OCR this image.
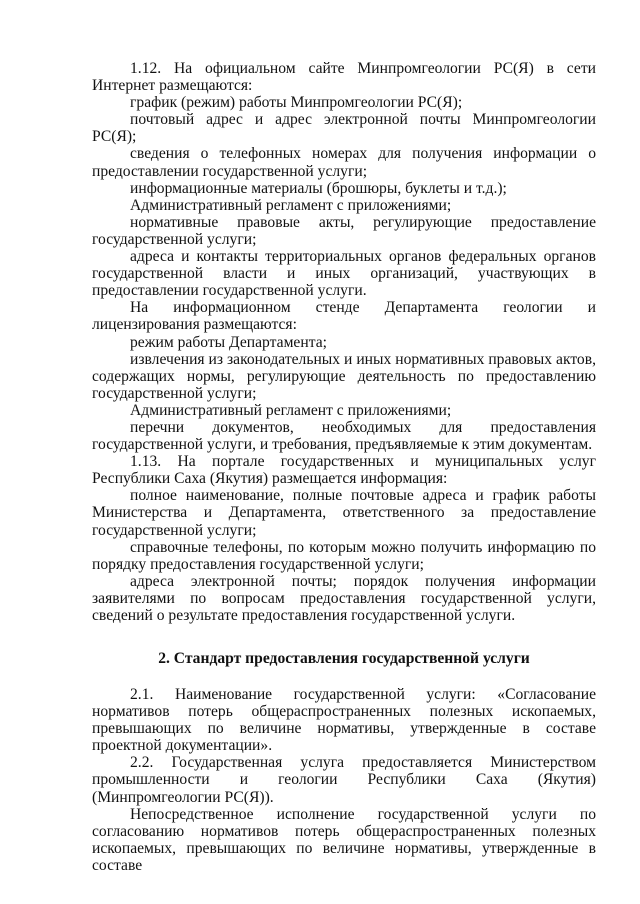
1.12. На официальном сайте Минпромгеологии РС(Я) в сети Интернет размещаются:

график (режим) работы Минпромгеологии РС(Я);

почтовый адрес и адрес электронной почты Минпромгеологии РС(Я);

сведения о телефонных номерах для получения информации о предоставлении государственной услуги;

информационные материалы (брошюры, буклеты и т.д.);

Административный регламент с приложениями;

нормативные правовые акты, регулирующие предоставление государственной услуги;

адреса и контакты территориальных органов федеральных органов государственной власти и иных организаций, участвующих в предоставлении государственной услуги.

На информационном стенде Департамента геологии и лицензирования размещаются:

режим работы Департамента;

извлечения из законодательных и иных нормативных правовых актов, содержащих нормы, регулирующие деятельность по предоставлению государственной услуги;

Административный регламент с приложениями;

перечни документов, необходимых для предоставления государственной услуги, и требования, предъявляемые к этим документам.

1.13. На портале государственных и муниципальных услуг Республики Саха (Якутия) размещается информация:

полное наименование, полные почтовые адреса и график работы Министерства и Департамента, ответственного за предоставление государственной услуги;

справочные телефоны, по которым можно получить информацию по порядку предоставления государственной услуги;

адреса электронной почты; порядок получения информации заявителями по вопросам предоставления государственной услуги, сведений о результате предоставления государственной услуги.

2. Стандарт предоставления государственной услуги

2.1. Наименование государственной услуги: «Согласование нормативов потерь общераспространенных полезных ископаемых, превышающих по величине нормативы, утвержденные в составе проектной документации».

2.2. Государственная услуга предоставляется Министерством промышленности и геологии Республики Саха (Якутия) (Минпромгеологии РС(Я)).

Непосредственное исполнение государственной услуги по согласованию нормативов потерь общераспространенных полезных ископаемых, превышающих по величине нормативы, утвержденные в составе
